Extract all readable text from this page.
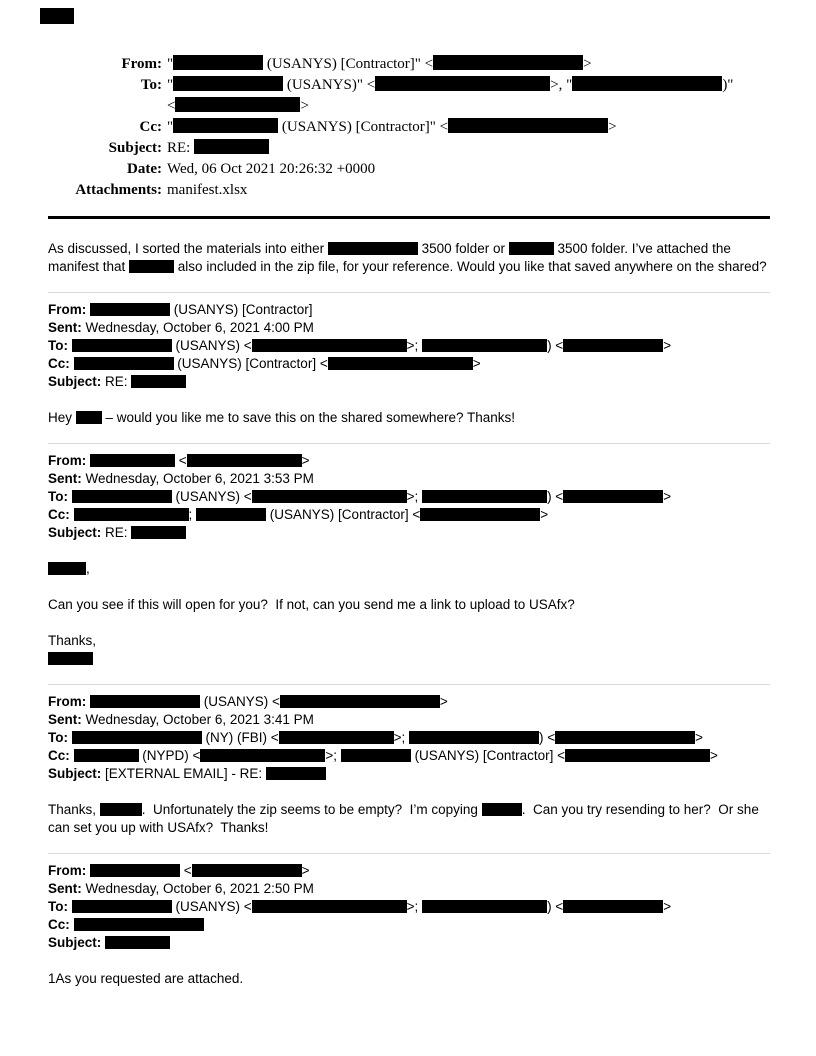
From: "	(USANYS) [Contractor]" <	>
To: "	(USANYS)" <	>, "	)"
<	>
Cc: "	(USANYS) [Contractor]" <	>
Subject: RE:
Date: Wed, 06 Oct 2021 20:26:32 +0000
Attachments: manifest.xlsx
As discussed, I sorted the materials into either	3500 folder or	3500 folder. I’ve attached the manifest that	also included in the zip file, for your reference. Would you like that saved anywhere on the shared?
From:	(USANYS) [Contractor]
Sent: Wednesday, October 6, 2021 4:00 PM
To:	(USANYS) <	>;	) <	>
Cc:	(USANYS) [Contractor] <	>
Subject: RE:
Hey  – would you like me to save this on the shared somewhere? Thanks!
From:	<	>
Sent: Wednesday, October 6, 2021 3:53 PM
To:	(USANYS) <	>;	) <	>
Cc:	;	(USANYS) [Contractor] <	>
Subject: RE:
,
Can you see if this will open for you?  If not, can you send me a link to upload to USAfx?
Thanks,
From:	(USANYS) <	>
Sent: Wednesday, October 6, 2021 3:41 PM
To:	(NY) (FBI) <	>;	) <	>
Cc:	(NYPD) <	>;	(USANYS) [Contractor] <	>
Subject: [EXTERNAL EMAIL] - RE:
Thanks,	.  Unfortunately the zip seems to be empty?  I’m copying	.  Can you try resending to her?  Or she can set you up with USAfx?  Thanks!
From:	<	>
Sent: Wednesday, October 6, 2021 2:50 PM
To:	(USANYS) <	>;	) <	>
Cc:
Subject:
1As you requested are attached.
